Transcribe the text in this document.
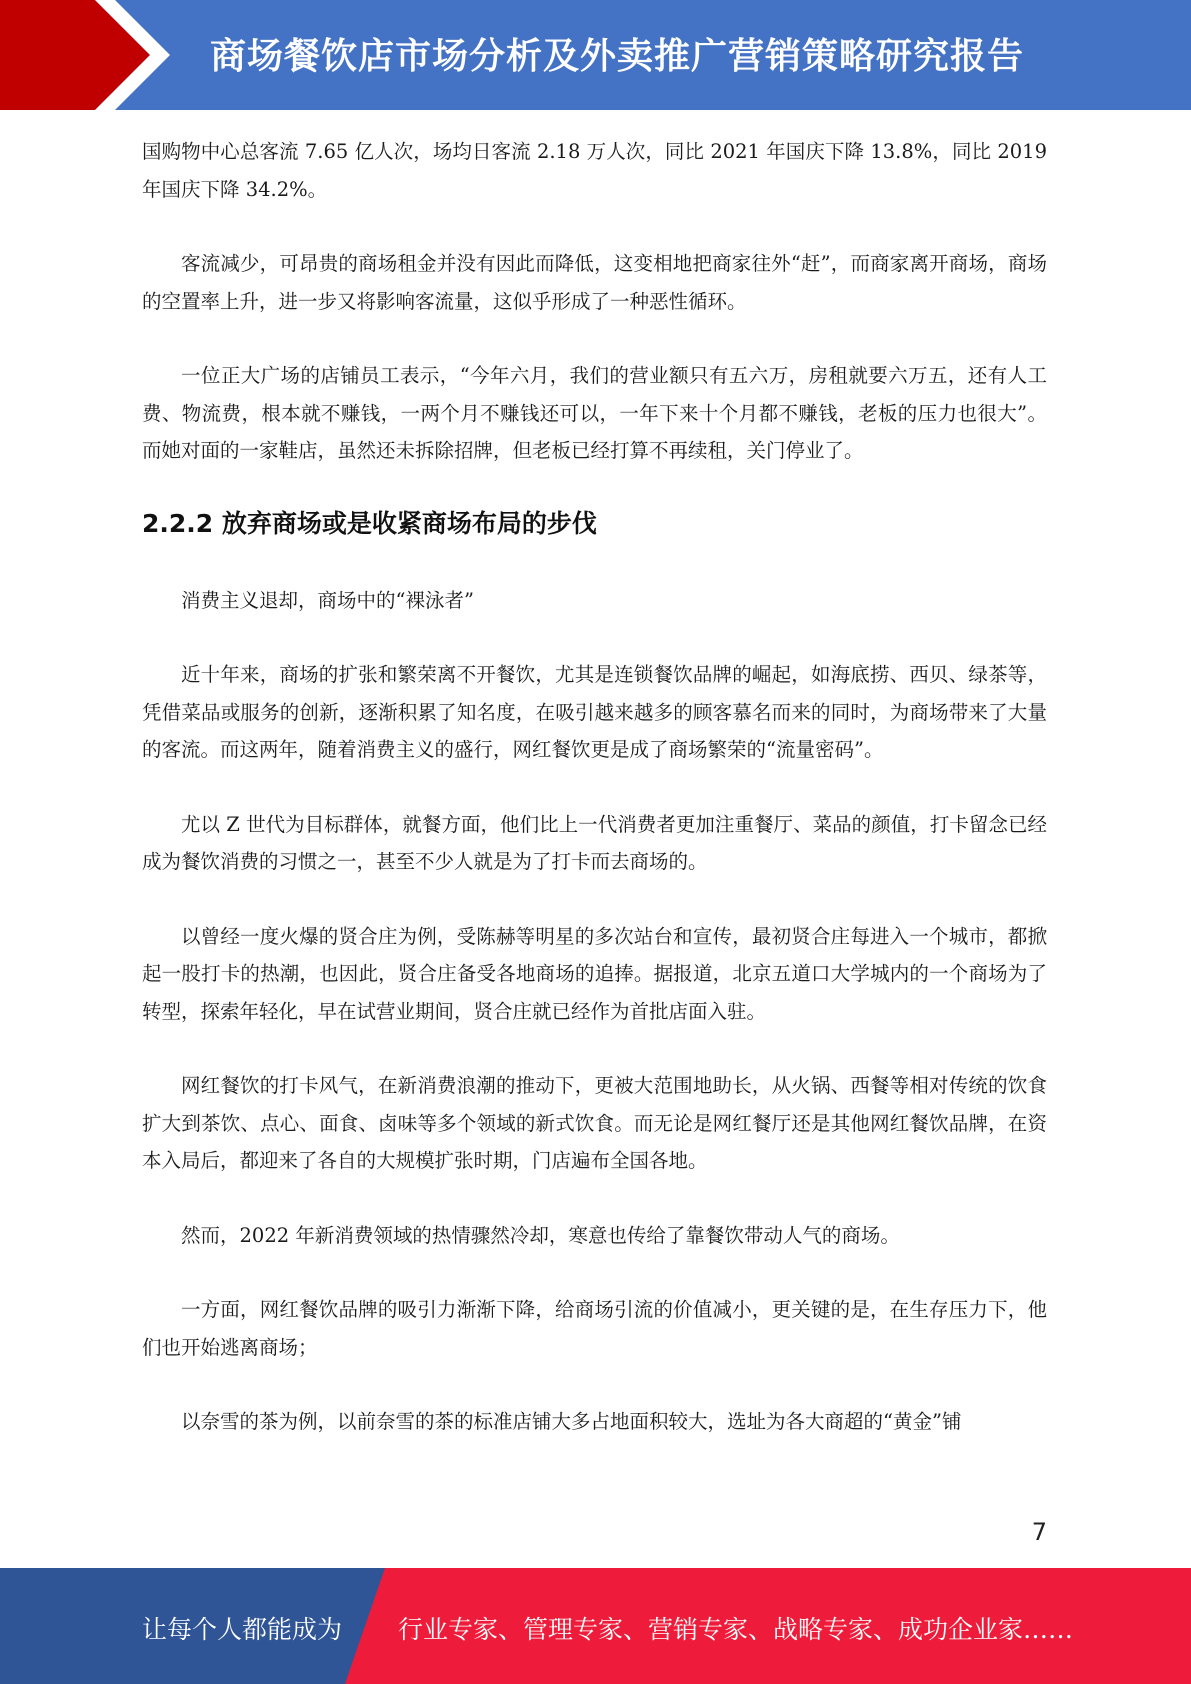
商场餐饮店市场分析及外卖推广营销策略研究报告

国购物中心总客流 7.65 亿人次，场均日客流 2.18 万人次，同比 2021 年国庆下降 13.8%，同比 2019 年国庆下降 34.2%。

客流减少，可昂贵的商场租金并没有因此而降低，这变相地把商家往外“赶”，而商家离开商场，商场的空置率上升，进一步又将影响客流量，这似乎形成了一种恶性循环。

一位正大广场的店铺员工表示，“今年六月，我们的营业额只有五六万，房租就要六万五，还有人工费、物流费，根本就不赚钱，一两个月不赚钱还可以，一年下来十个月都不赚钱，老板的压力也很大”。而她对面的一家鞋店，虽然还未拆除招牌，但老板已经打算不再续租，关门停业了。

2.2.2 放弃商场或是收紧商场布局的步伐

消费主义退却，商场中的“裸泳者”

近十年来，商场的扩张和繁荣离不开餐饮，尤其是连锁餐饮品牌的崛起，如海底捞、西贝、绿茶等，凭借菜品或服务的创新，逐渐积累了知名度，在吸引越来越多的顾客慕名而来的同时，为商场带来了大量的客流。而这两年，随着消费主义的盛行，网红餐饮更是成了商场繁荣的“流量密码”。

尤以 Z 世代为目标群体，就餐方面，他们比上一代消费者更加注重餐厅、菜品的颜值，打卡留念已经成为餐饮消费的习惯之一，甚至不少人就是为了打卡而去商场的。

以曾经一度火爆的贤合庄为例，受陈赫等明星的多次站台和宣传，最初贤合庄每进入一个城市，都掀起一股打卡的热潮，也因此，贤合庄备受各地商场的追捧。据报道，北京五道口大学城内的一个商场为了转型，探索年轻化，早在试营业期间，贤合庄就已经作为首批店面入驻。

网红餐饮的打卡风气，在新消费浪潮的推动下，更被大范围地助长，从火锅、西餐等相对传统的饮食扩大到茶饮、点心、面食、卤味等多个领域的新式饮食。而无论是网红餐厅还是其他网红餐饮品牌，在资本入局后，都迎来了各自的大规模扩张时期，门店遍布全国各地。

然而，2022 年新消费领域的热情骤然冷却，寒意也传给了靠餐饮带动人气的商场。

一方面，网红餐饮品牌的吸引力渐渐下降，给商场引流的价值减小，更关键的是，在生存压力下，他们也开始逃离商场；

以奈雪的茶为例，以前奈雪的茶的标准店铺大多占地面积较大，选址为各大商超的“黄金”铺

7
让每个人都能成为 行业专家、管理专家、营销专家、战略专家、成功企业家……
